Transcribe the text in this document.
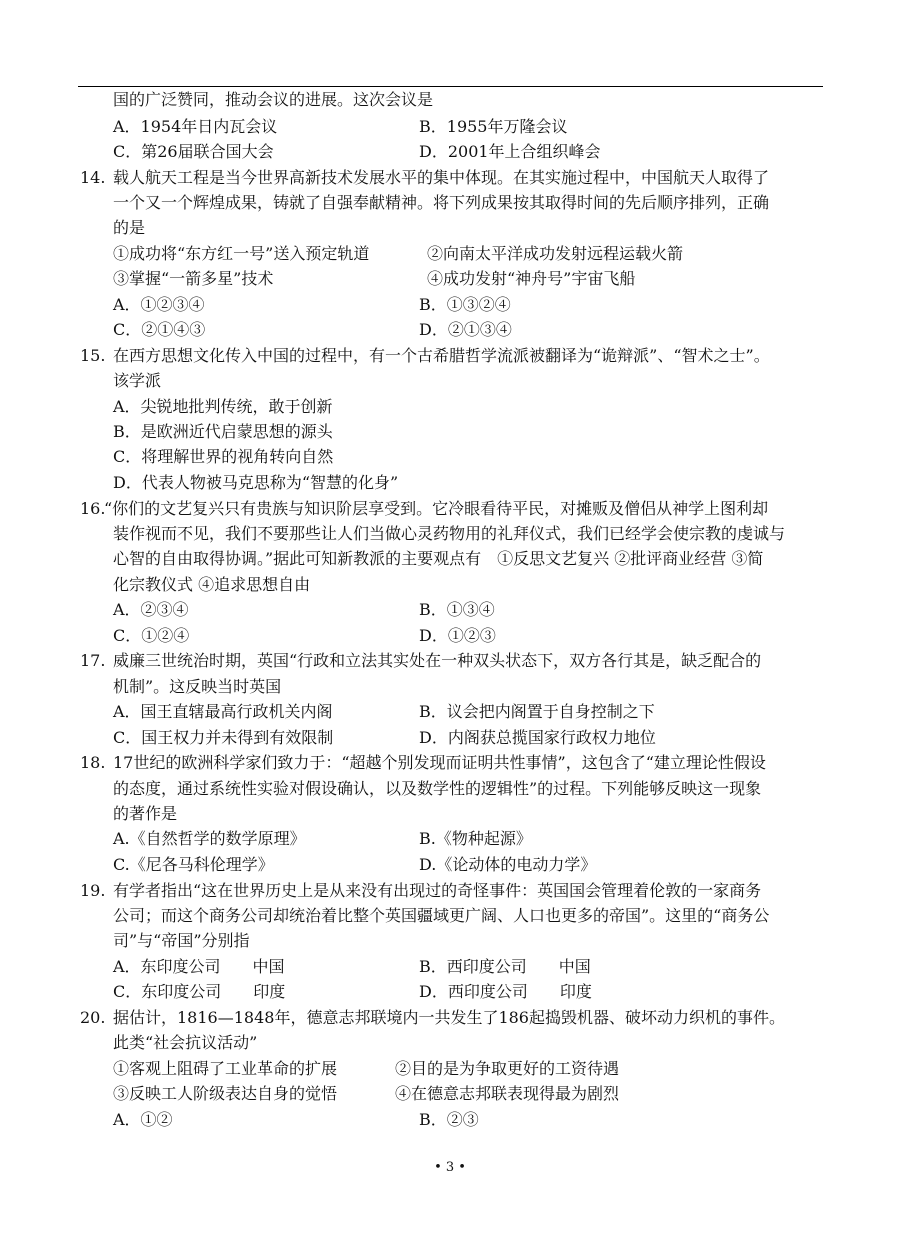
国的广泛赞同，推动会议的进展。这次会议是
A．1954年日内瓦会议	B．1955年万隆会议
C．第26届联合国大会	D．2001年上合组织峰会
14. 载人航天工程是当今世界高新技术发展水平的集中体现。在其实施过程中，中国航天人取得了
一个又一个辉煌成果，铸就了自强奉献精神。将下列成果按其取得时间的先后顺序排列，正确
的是
①成功将“东方红一号”送入预定轨道	②向南太平洋成功发射远程运载火箭
③掌握“一箭多星”技术	④成功发射“神舟号”宇宙飞船
A．①②③④	B．①③②④
C．②①④③	D．②①③④
15. 在西方思想文化传入中国的过程中，有一个古希腊哲学流派被翻译为“诡辩派”、“智术之士”。
该学派
A．尖锐地批判传统，敢于创新
B．是欧洲近代启蒙思想的源头
C．将理解世界的视角转向自然
D．代表人物被马克思称为“智慧的化身”
16.
“你们的文艺复兴只有贵族与知识阶层享受到。它冷眼看待平民，对摊贩及僧侣从神学上图利却
装作视而不见，我们不要那些让人们当做心灵药物用的礼拜仪式，我们已经学会使宗教的虔诚与
心智的自由取得协调。”据此可知新教派的主要观点有　①反思文艺复兴 ②批评商业经营 ③简
化宗教仪式 ④追求思想自由
A．②③④	B．①③④
C．①②④	D．①②③
17. 威廉三世统治时期，英国“行政和立法其实处在一种双头状态下，双方各行其是，缺乏配合的
机制”。这反映当时英国
A．国王直辖最高行政机关内阁	B．议会把内阁置于自身控制之下
C．国王权力并未得到有效限制	D．内阁获总揽国家行政权力地位
18. 17世纪的欧洲科学家们致力于：“超越个别发现而证明共性事情”，这包含了“建立理论性假设
的态度，通过系统性实验对假设确认，以及数学性的逻辑性”的过程。下列能够反映这一现象
的著作是
A.《自然哲学的数学原理》	B.《物种起源》
C.《尼各马科伦理学》	D.《论动体的电动力学》
19. 有学者指出“这在世界历史上是从来没有出现过的奇怪事件：英国国会管理着伦敦的一家商务
公司；而这个商务公司却统治着比整个英国疆域更广阔、人口也更多的帝国”。这里的“商务公
司”与“帝国”分别指
A．东印度公司　　中国	B．西印度公司　　中国
C．东印度公司　　印度	D．西印度公司　　印度
20. 据估计，1816—1848年，德意志邦联境内一共发生了186起捣毁机器、破坏动力织机的事件。
此类“社会抗议活动”
①客观上阻碍了工业革命的扩展	②目的是为争取更好的工资待遇
③反映工人阶级表达自身的觉悟	④在德意志邦联表现得最为剧烈
A．①②	B．②③
• 3 •
